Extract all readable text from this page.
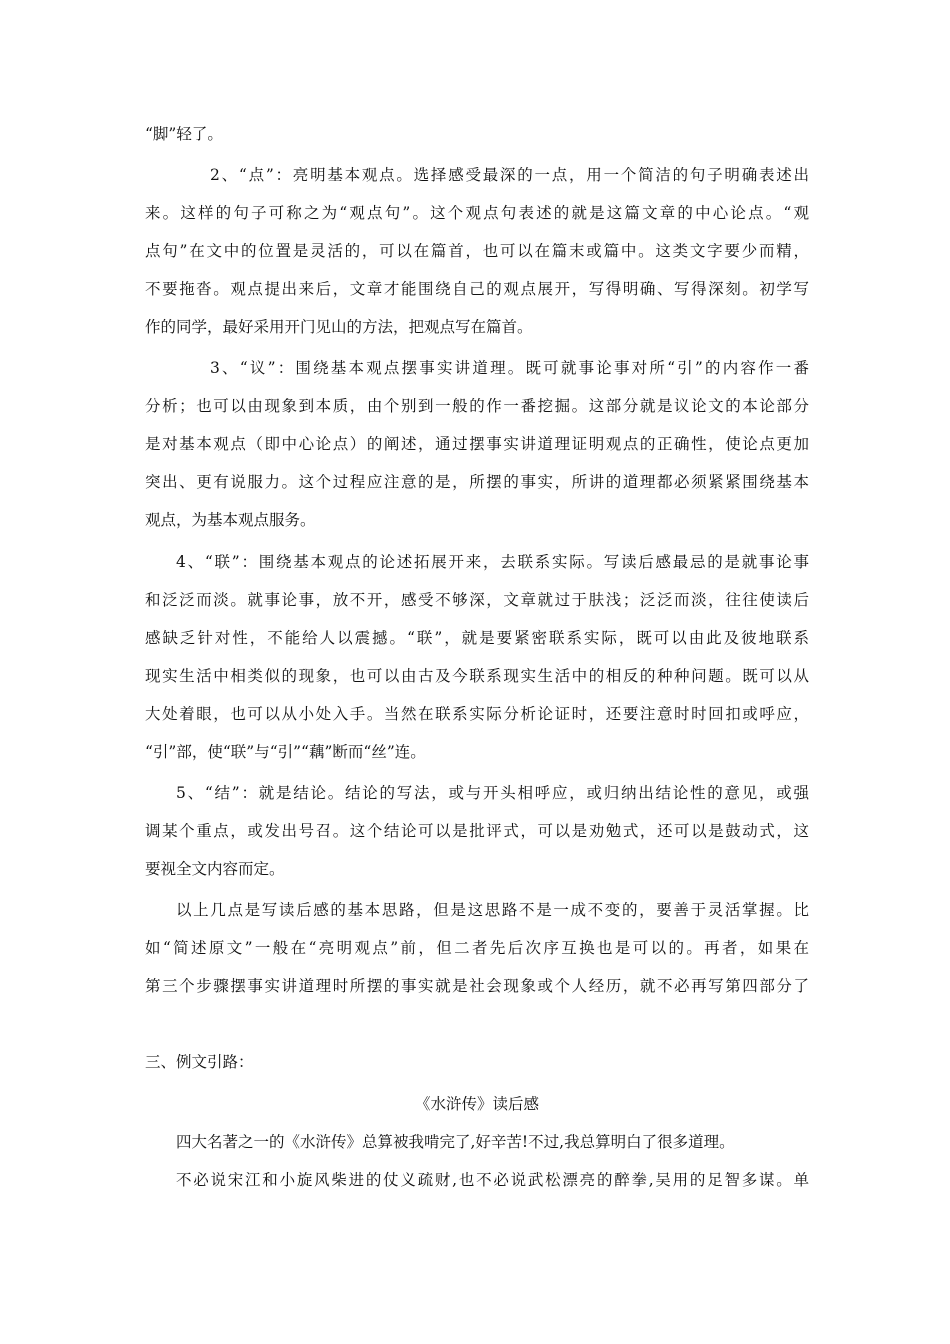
“脚”轻了。
2、“点”：亮明基本观点。选择感受最深的一点，用一个简洁的句子明确表述出
来。这样的句子可称之为“观点句”。这个观点句表述的就是这篇文章的中心论点。“观
点句”在文中的位置是灵活的，可以在篇首，也可以在篇末或篇中。这类文字要少而精，
不要拖沓。观点提出来后，文章才能围绕自己的观点展开，写得明确、写得深刻。初学写
作的同学，最好采用开门见山的方法，把观点写在篇首。
3、“议”：围绕基本观点摆事实讲道理。既可就事论事对所“引”的内容作一番
分析；也可以由现象到本质，由个别到一般的作一番挖掘。这部分就是议论文的本论部分
是对基本观点（即中心论点）的阐述，通过摆事实讲道理证明观点的正确性，使论点更加
突出、更有说服力。这个过程应注意的是，所摆的事实，所讲的道理都必须紧紧围绕基本
观点，为基本观点服务。
4、“联”：围绕基本观点的论述拓展开来，去联系实际。写读后感最忌的是就事论事
和泛泛而淡。就事论事，放不开，感受不够深，文章就过于肤浅；泛泛而淡，往往使读后
感缺乏针对性，不能给人以震撼。“联”，就是要紧密联系实际，既可以由此及彼地联系
现实生活中相类似的现象，也可以由古及今联系现实生活中的相反的种种问题。既可以从
大处着眼，也可以从小处入手。当然在联系实际分析论证时，还要注意时时回扣或呼应，
“引”部，使“联”与“引”“藕”断而“丝”连。
5、“结”：就是结论。结论的写法，或与开头相呼应，或归纳出结论性的意见，或强
调某个重点，或发出号召。这个结论可以是批评式，可以是劝勉式，还可以是鼓动式，这
要视全文内容而定。
以上几点是写读后感的基本思路，但是这思路不是一成不变的，要善于灵活掌握。比
如“简述原文”一般在“亮明观点”前，但二者先后次序互换也是可以的。再者，如果在
第三个步骤摆事实讲道理时所摆的事实就是社会现象或个人经历，就不必再写第四部分了
三、例文引路：
《水浒传》读后感
四大名著之一的《水浒传》总算被我啃完了,好辛苦!不过,我总算明白了很多道理。
不必说宋江和小旋风柴进的仗义疏财,也不必说武松漂亮的醉拳,吴用的足智多谋。单
